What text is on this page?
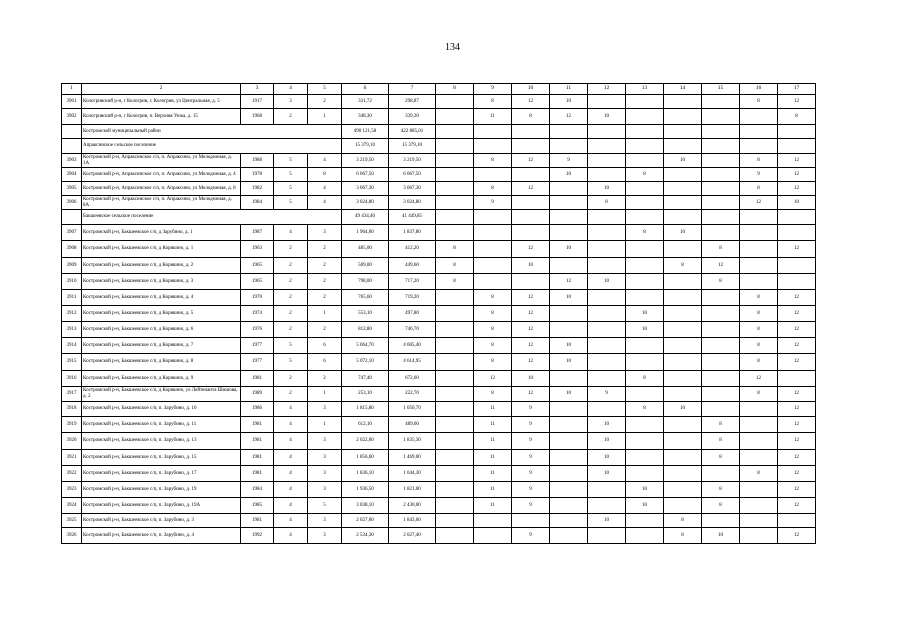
134
1	2	3	4	5	6	7	8	9	10	11	12	13	14	15	16	17
3901	Кологривский р-н, г Кологрив, г. Кологрив, ул Центральная, д. 5	1917	3	2	331,72	298,87		8	12	10					8	12
3902	Кологривский р-н, г Кологрив, п. Верхняя Унжа, д. 15	1968	2	1	348,30	339,30		11	8	12	10					8
	Костромской муниципальный район				490 121,58	422 885,01										
	Апраксинское сельское поселение				15 379,10	15 379,10										
3903	Костромской р-н, Апраксинское с/п, п. Апраксино, ул Молодежная, д. 1А	1988	5	4	3 219,50	3 219,50		8	12	9			10		8	12
3904	Костромской р-н, Апраксинское с/п, п. Апраксино, ул Молодежная, д. 4	1978	5	8	6 067,50	6 067,50				10		8			9	12
3905	Костромской р-н, Апраксинское с/п, п. Апраксино, ул Молодежная, д. 8	1982	5	4	3 067,30	3 067,30		8	12		10				8	12
3906	Костромской р-н, Апраксинское с/п, п. Апраксино, ул Молодежная, д. 8А	1984	5	4	3 024,80	3 024,80		9			8				12	10
	Бакшеевское сельское поселение				49 434,40	41 449,85										
3907	Костромской р-н, Бакшеевское с/п, д Зарубино, д. 1	1987	4	3	1 964,00	1 837,80						8	10			
3908	Костромской р-н, Бакшеевское с/п, д Корякино, д. 1	1963	2	2	485,00	412,20	8		12	10				8		12
3909	Костромской р-н, Бакшеевское с/п, д Корякино, д. 2	1965	2	2	509,00	449,60	8		10				8	12		
3910	Костромской р-н, Бакшеевское с/п, д Корякино, д. 3	1965	2	2	798,00	717,20	8			12	10			8		
3911	Костромской р-н, Бакшеевское с/п, д Корякино, д. 4	1970	2	2	765,60	719,20		8	12	10					8	12
3912	Костромской р-н, Бакшеевское с/п, д Корякино, д. 5	1974	2	1	553,10	497,80		8	12			10			8	12
3913	Костромской р-н, Бакшеевское с/п, д Корякино, д. 6	1976	2	2	812,80	746,70		8	12			10			8	12
3914	Костромской р-н, Бакшеевское с/п, д Корякино, д. 7	1977	5	6	5 064,70	4 605,40		8	12	10					8	12
3915	Костромской р-н, Бакшеевское с/п, д Корякино, д. 8	1977	5	6	5 072,10	4 614,95		8	12	10					8	12
3916	Костромской р-н, Бакшеевское с/п, д Корякино, д. 9	1981	2	2	747,40	672,60		12	10			8			12	
3917	Костромской р-н, Бакшеевское с/п, д Корякино, ул Лейтенанта Шишова, д. 2	1989	2	1	253,10	222,70		8	12	10	9				8	12
3918	Костромской р-н, Бакшеевское с/п, п. Зарубино, д. 10	1986	4	3	1 815,80	1 050,70		11	9			8	10			12
3919	Костромской р-н, Бакшеевское с/п, п. Зарубино, д. 11	1981	4	1	612,10	489,60		11	9		10			8		12
3920	Костромской р-н, Бакшеевское с/п, п. Зарубино, д. 13	1981	4	3	2 622,00	1 835,30		11	9		10			8		12
3921	Костромской р-н, Бакшеевское с/п, п. Зарубино, д. 15	1981	4	3	1 856,60	1 469,00		11	9		10			8		12
3922	Костромской р-н, Бакшеевское с/п, п. Зарубино, д. 17	1981	4	3	1 836,10	1 044,30		11	9		10				8	12
3923	Костромской р-н, Бакшеевское с/п, п. Зарубино, д. 19	1984	4	3	1 936,50	1 821,00		11	9			10		8		12
3924	Костромской р-н, Бакшеевское с/п, п. Зарубино, д. 19А	1985	4	5	3 038,10	2 430,00		11	9			10		8		12
3925	Костромской р-н, Бакшеевское с/п, п. Зарубино, д. 3	1981	4	3	2 027,00	1 843,60					10		8			
3926	Костромской р-н, Бакшеевское с/п, п. Зарубино, д. 4	1992	4	3	2 534,30	2 027,40			9				8	10		12
